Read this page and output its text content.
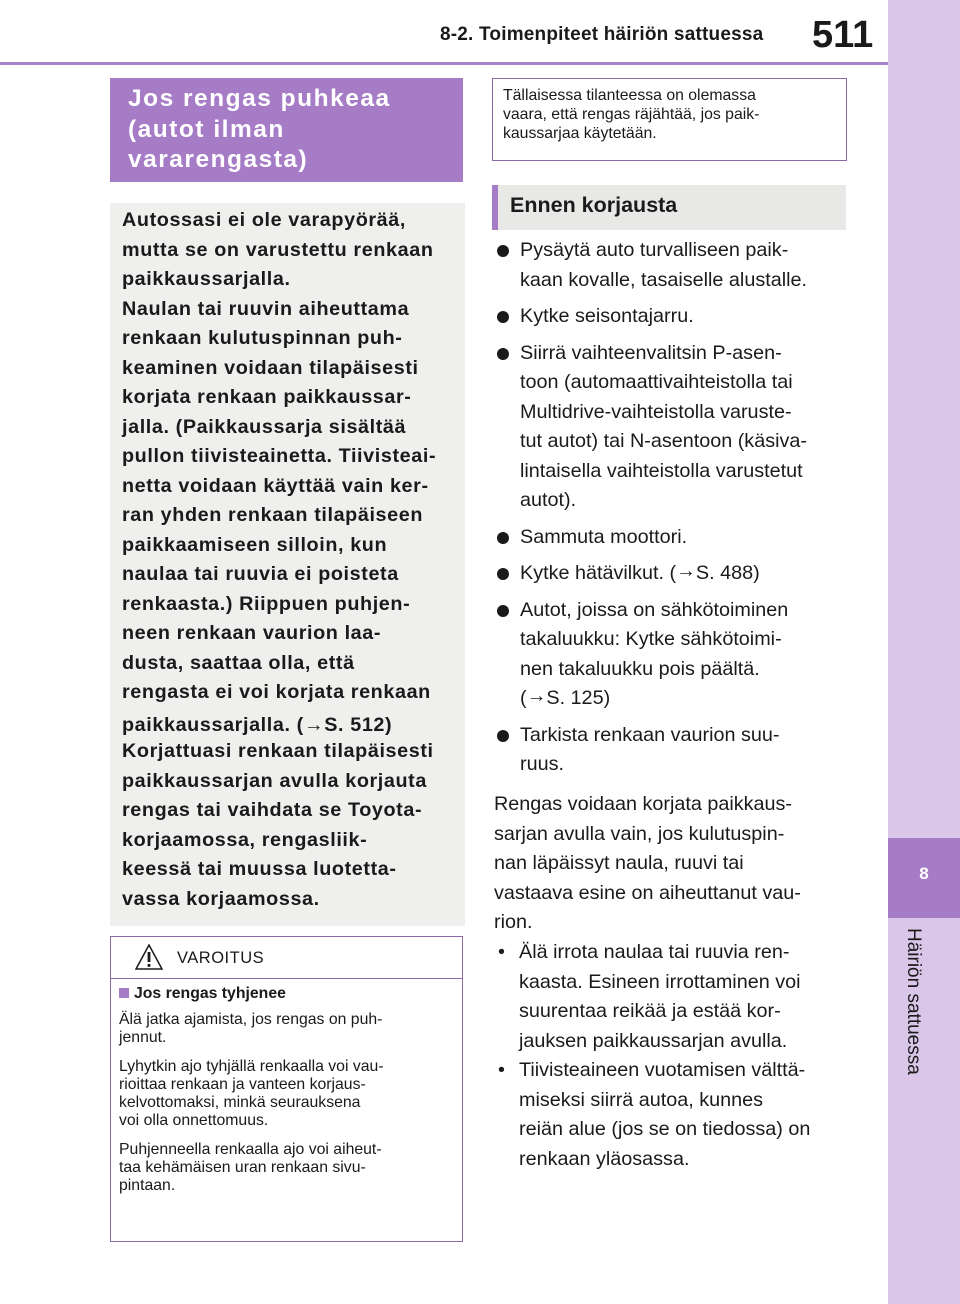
8-2. Toimenpiteet häiriön sattuessa 511
8
Häiriön sattuessa
Jos rengas puhkeaa
(autot ilman
vararengasta)
Autossasi ei ole varapyörää,
mutta se on varustettu renkaan
paikkaussarjalla.
Naulan tai ruuvin aiheuttama
renkaan kulutuspinnan puh-
keaminen voidaan tilapäisesti
korjata renkaan paikkaussar-
jalla. (Paikkaussarja sisältää
pullon tiivisteainetta. Tiivisteai-
netta voidaan käyttää vain ker-
ran yhden renkaan tilapäiseen
paikkaamiseen silloin, kun
naulaa tai ruuvia ei poisteta
renkaasta.) Riippuen puhjen-
neen renkaan vaurion laa-
dusta, saattaa olla, että
rengasta ei voi korjata renkaan
paikkaussarjalla. (→S. 512)
Korjattuasi renkaan tilapäisesti
paikkaussarjan avulla korjauta
rengas tai vaihdata se Toyota-
korjaamossa, rengasliik-
keessä tai muussa luotetta-
vassa korjaamossa.
VAROITUS
Jos rengas tyhjenee
Älä jatka ajamista, jos rengas on puh-
jennut.
Lyhytkin ajo tyhjällä renkaalla voi vau-
rioittaa renkaan ja vanteen korjaus-
kelvottomaksi, minkä seurauksena
voi olla onnettomuus.
Puhjenneella renkaalla ajo voi aiheut-
taa kehämäisen uran renkaan sivu-
pintaan.
Tällaisessa tilanteessa on olemassa
vaara, että rengas räjähtää, jos paik-
kaussarjaa käytetään.
Ennen korjausta
Pysäytä auto turvalliseen paik-
kaan kovalle, tasaiselle alustalle.
Kytke seisontajarru.
Siirrä vaihteenvalitsin P-asen-
toon (automaattivaihteistolla tai
Multidrive-vaihteistolla varuste-
tut autot) tai N-asentoon (käsiva-
lintaisella vaihteistolla varustetut
autot).
Sammuta moottori.
Kytke hätävilkut. (→S. 488)
Autot, joissa on sähkötoiminen
takaluukku: Kytke sähkötoimi-
nen takaluukku pois päältä.
(→S. 125)
Tarkista renkaan vaurion suu-
ruus.
Rengas voidaan korjata paikkaus-
sarjan avulla vain, jos kulutuspin-
nan läpäissyt naula, ruuvi tai
vastaava esine on aiheuttanut vau-
rion.
• Älä irrota naulaa tai ruuvia ren-
kaasta. Esineen irrottaminen voi
suurentaa reikää ja estää kor-
jauksen paikkaussarjan avulla.
• Tiivisteaineen vuotamisen välttä-
miseksi siirrä autoa, kunnes
reiän alue (jos se on tiedossa) on
renkaan yläosassa.
